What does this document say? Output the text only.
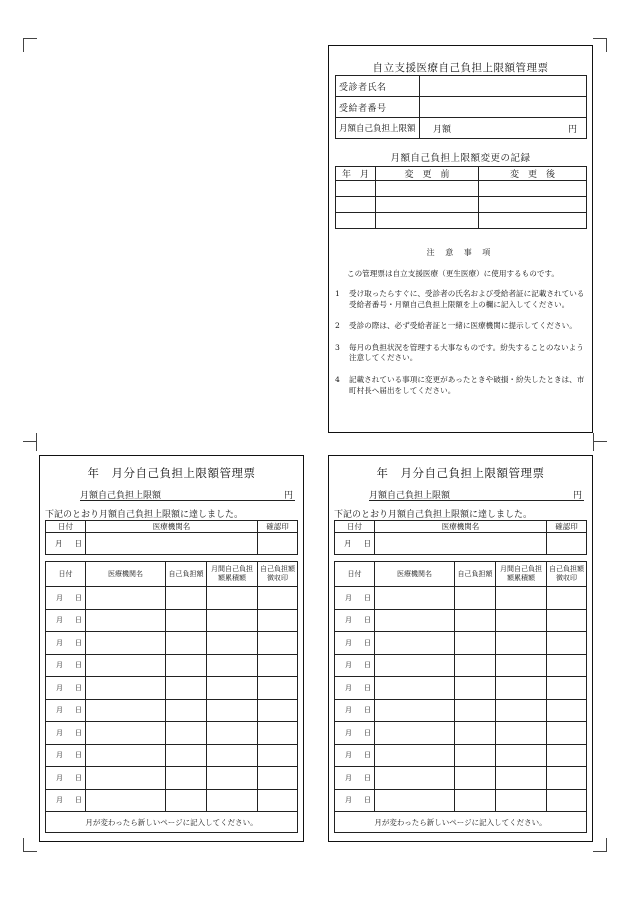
自立支援医療自己負担上限額管理票
受診者氏名	
受給者番号	
月額自己負担上限額	月額 円
月額自己負担上限額変更の記録
年　月	変　更　前	変　更　後

注 意 事 項
この管理票は自立支援医療（更生医療）に使用するものです。
1	受け取ったらすぐに、受診者の氏名および受給者証に記載されている受給者番号・月額自己負担上限額を上の欄に記入してください。
2	受診の際は、必ず受給者証と一緒に医療機関に提示してください。
3	毎月の負担状況を管理する大事なものです。紛失することのないよう注意してください。
4	記載されている事項に変更があったときや破損・紛失したときは、市町村長へ届出をしてください。
年　月分自己負担上限額管理票
月額自己負担上限額	円
下記のとおり月額自己負担上限額に達しました。
日付	医療機関名	確認印
月 日		
日付	医療機関名	自己負担額	月間自己負担額累積額	自己負担額徴収印
月 日				
月 日				
月 日				
月 日				
月 日				
月 日				
月 日				
月 日				
月 日				
月 日				
月が変わったら新しいページに記入してください。				
年　月分自己負担上限額管理票
月額自己負担上限額	円
下記のとおり月額自己負担上限額に達しました。
日付	医療機関名	確認印
月 日		
日付	医療機関名	自己負担額	月間自己負担額累積額	自己負担額徴収印
月 日				
月 日				
月 日				
月 日				
月 日				
月 日				
月 日				
月 日				
月 日				
月 日				
月が変わったら新しいページに記入してください。				
